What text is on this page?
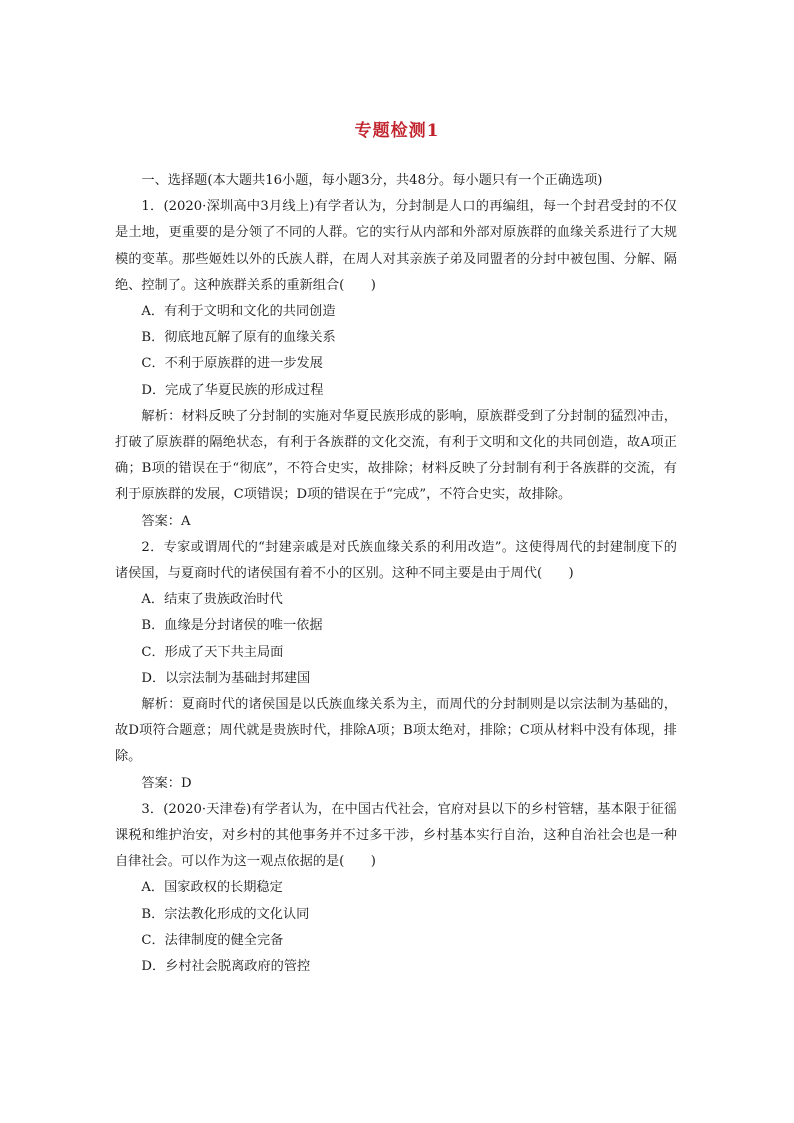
专题检测1

一、选择题(本大题共16小题，每小题3分，共48分。每小题只有一个正确选项)

1．(2020·深圳高中3月线上)有学者认为，分封制是人口的再编组，每一个封君受封的不仅是土地，更重要的是分领了不同的人群。它的实行从内部和外部对原族群的血缘关系进行了大规模的变革。那些姬姓以外的氏族人群，在周人对其亲族子弟及同盟者的分封中被包围、分解、隔绝、控制了。这种族群关系的重新组合(　　)

A．有利于文明和文化的共同创造

B．彻底地瓦解了原有的血缘关系

C．不利于原族群的进一步发展

D．完成了华夏民族的形成过程

解析：材料反映了分封制的实施对华夏民族形成的影响，原族群受到了分封制的猛烈冲击，打破了原族群的隔绝状态，有利于各族群的文化交流，有利于文明和文化的共同创造，故A项正确；B项的错误在于“彻底”，不符合史实，故排除；材料反映了分封制有利于各族群的交流，有利于原族群的发展，C项错误；D项的错误在于“完成”，不符合史实，故排除。

答案：A

2．专家或谓周代的“封建亲戚是对氏族血缘关系的利用改造”。这使得周代的封建制度下的诸侯国，与夏商时代的诸侯国有着不小的区别。这种不同主要是由于周代(　　)

A．结束了贵族政治时代

B．血缘是分封诸侯的唯一依据

C．形成了天下共主局面

D．以宗法制为基础封邦建国

解析：夏商时代的诸侯国是以氏族血缘关系为主，而周代的分封制则是以宗法制为基础的，故D项符合题意；周代就是贵族时代，排除A项；B项太绝对，排除；C项从材料中没有体现，排除。

答案：D

3．(2020·天津卷)有学者认为，在中国古代社会，官府对县以下的乡村管辖，基本限于征徭课税和维护治安，对乡村的其他事务并不过多干涉，乡村基本实行自治，这种自治社会也是一种自律社会。可以作为这一观点依据的是(　　)

A．国家政权的长期稳定

B．宗法教化形成的文化认同

C．法律制度的健全完备

D．乡村社会脱离政府的管控
